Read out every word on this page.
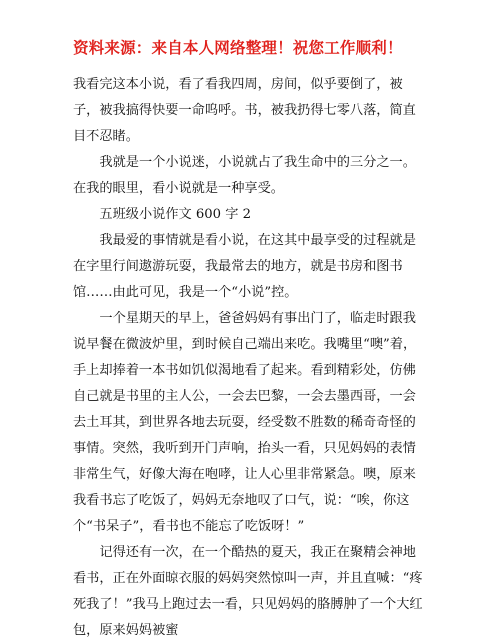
资料来源：来自本人网络整理！祝您工作顺利！

我看完这本小说，看了看我四周，房间，似乎要倒了，被子，被我搞得快要一命呜呼。书，被我扔得七零八落，简直目不忍睹。

我就是一个小说迷，小说就占了我生命中的三分之一。在我的眼里，看小说就是一种享受。

五班级小说作文 600 字 2

我最爱的事情就是看小说，在这其中最享受的过程就是在字里行间遨游玩耍，我最常去的地方，就是书房和图书馆……由此可见，我是一个“小说”控。

一个星期天的早上，爸爸妈妈有事出门了，临走时跟我说早餐在微波炉里，到时候自己端出来吃。我嘴里“噢”着，手上却捧着一本书如饥似渴地看了起来。看到精彩处，仿佛自己就是书里的主人公，一会去巴黎，一会去墨西哥，一会去土耳其，到世界各地去玩耍，经受数不胜数的稀奇奇怪的事情。突然，我听到开门声响，抬头一看，只见妈妈的表情非常生气，好像大海在咆哮，让人心里非常紧急。噢，原来我看书忘了吃饭了，妈妈无奈地叹了口气，说：“唉，你这个“书呆子”，看书也不能忘了吃饭呀！”

记得还有一次，在一个酷热的夏天，我正在聚精会神地看书，正在外面晾衣服的妈妈突然惊叫一声，并且直喊：“疼死我了！”我马上跑过去一看，只见妈妈的胳膊肿了一个大红包，原来妈妈被蜜
